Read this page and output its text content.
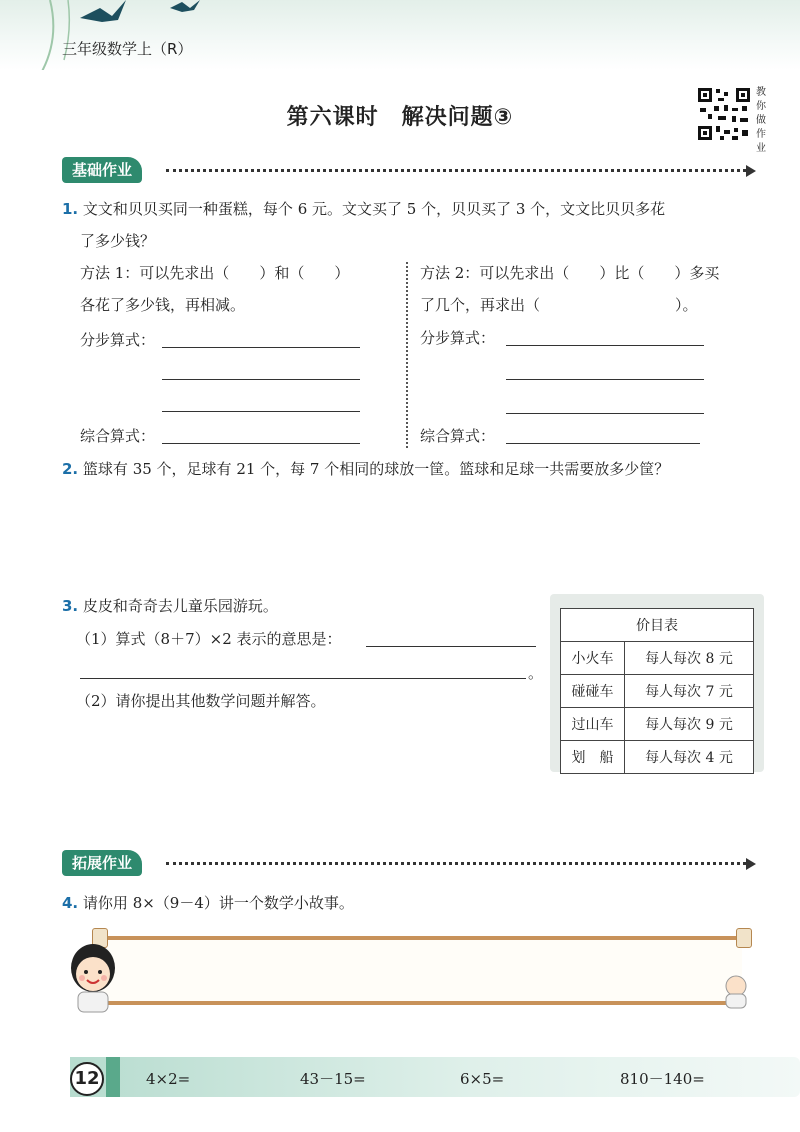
三年级数学上（R）
第六课时　解决问题③
教你做作业
基础作业
1. 文文和贝贝买同一种蛋糕，每个 6 元。文文买了 5 个，贝贝买了 3 个，文文比贝贝多花
了多少钱？
方法 1：可以先求出（　　）和（　　）
各花了多少钱，再相减。
分步算式：
综合算式：
方法 2：可以先求出（　　）比（　　）多买
了几个，再求出（　　　　　　　　　）。
分步算式：
综合算式：
2. 篮球有 35 个，足球有 21 个，每 7 个相同的球放一筐。篮球和足球一共需要放多少筐？
3. 皮皮和奇奇去儿童乐园游玩。
（1）算式（8＋7）×2 表示的意思是：
。
（2）请你提出其他数学问题并解答。
价目表	
小火车	每人每次 8 元
碰碰车	每人每次 7 元
过山车	每人每次 9 元
划　船	每人每次 4 元
拓展作业
4. 请你用 8×（9－4）讲一个数学小故事。
12	4×2=	43－15=	6×5=	810－140=
